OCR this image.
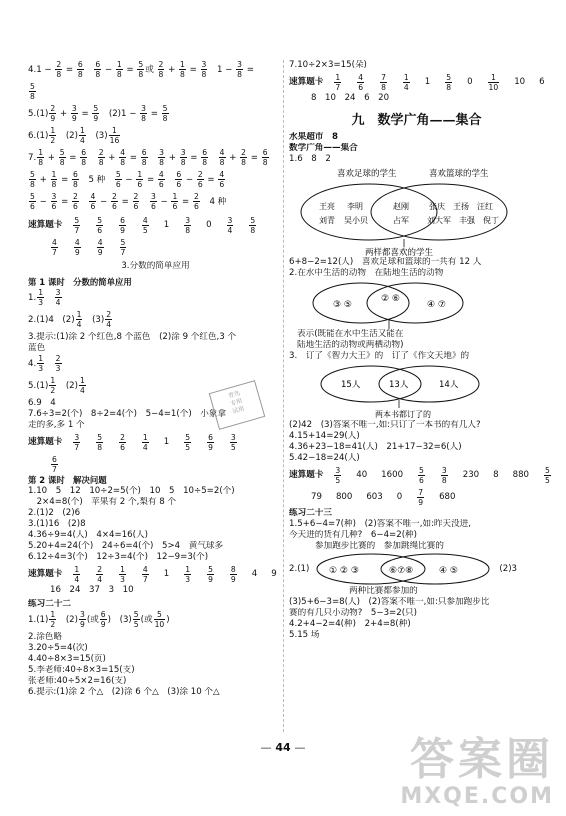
$4.1 - \frac{2}{8} = \frac{6}{8}$
　 $\frac{6}{8} - \frac{1}{8} = \frac{5}{8}$ 或 $\frac{2}{8} + \frac{1}{8} = \frac{3}{8}$ 　$1 - \frac{3}{8}$ =
$\frac{5}{8}$
$5.(1) \frac{2}{9} + \frac{3}{9} = \frac{5}{9}$ 　$(2)1 - \frac{3}{8} = \frac{5}{8}$
$6.(1) \frac{1}{2}$ 　$(2) \frac{1}{4}$ 　$(3) \frac{1}{16}$
7. $\frac{1}{8} + \frac{5}{8} = \frac{6}{8}$
　 $\frac{2}{8} + \frac{4}{8} = \frac{6}{8}$
　 $\frac{3}{8} + \frac{3}{8} = \frac{6}{8}$
　 $\frac{4}{8} + \frac{2}{8} = \frac{6}{8}$
$\frac{5}{8} + \frac{1}{8} = \frac{6}{8}$ 　5 种　 $\frac{5}{6} - \frac{1}{6} = \frac{4}{6}$
　 $\frac{6}{6} - \frac{2}{6} = \frac{4}{6}$
$\frac{5}{6} - \frac{3}{6} = \frac{2}{6}$
　 $\frac{4}{6} - \frac{2}{6} = \frac{2}{6}$
　 $\frac{3}{6} - \frac{1}{6} = \frac{2}{6}$ 　4 种
速算题卡 $\frac{5}{7} \frac{5}{6} \frac{6}{9} \frac{4}{5} 1 \frac{3}{8} 0 \frac{3}{4} \frac{5}{8}$
$\frac{4}{7} \frac{4}{9} \frac{4}{9} \frac{5}{7}$
3.分数的简单应用
第 1 课时　分数的简单应用
1. $\frac{1}{3}$
　 $\frac{3}{4}$
2.(1)4　$(2) \frac{1}{4}$
　 $(3) \frac{2}{4}$
3.提示:(1)涂 2 个红色,8 个蓝色　(2)涂 9 个红色,3 个
蓝色
4. $\frac{1}{3}$
　 $\frac{2}{3}$
$5.(1) \frac{1}{2}$ 　$(2) \frac{1}{4}$
6.9　4
7.6÷3=2(个)　8÷2=4(个)　5−4=1(个)　小象拿
走的多,多 1 个
速算题卡 $\frac{3}{7} \frac{5}{8} \frac{2}{6} \frac{1}{4} 1 \frac{5}{5} \frac{6}{9} \frac{3}{5}$
$\frac{6}{7}$
第 2 课时　解决问题
1.10　5　12　10÷2=5(个)　10　5　10÷5=2(个)
　2×4=8(个)　苹果有 2 个,梨有 8 个
2.(1)2　(2)6
3.(1)16　(2)8
4.36÷9=4(人)　4×4=16(人)
5.20+4=24(个)　24÷6=4(个)　5>4　黄气球多
6.12÷4=3(个)　12÷3=4(个)　12−9=3(个)
速算题卡 $\frac{1}{4} \frac{2}{4} \frac{1}{3} \frac{4}{7} 1 \frac{1}{3} \frac{5}{9} \frac{8}{9} 4$ 9
16　24　37　3　10
练习二十二
$1.(1) \frac{1}{2}$ 　$(2) \frac{3}{9}$ (或 $\frac{6}{9}$ )　$(3) \frac{5}{5}$ (或 $\frac{5}{10}$ )
2.涂色略
3.20÷5=4(次)
4.40÷8×3=15(页)
5.李老师:40÷8×3=15(支)
张老师:40÷5×2=16(支)
6.提示:(1)涂 2 个△　(2)涂 6 个△　(3)涂 10 个△
7.10÷2×3=15(朵)
速算题卡 $\frac{1}{7} \frac{4}{6} \frac{7}{8} \frac{1}{4} 1 \frac{5}{8} 0 \frac{1}{10} 10$ 6
8　10　24　6　20
九　数学广角——集合
水果超市　8
数学广角——集合
1.6　8　2
喜欢足球的学生	喜欢篮球的学生
王亮 李明
刘青 吴小贝
赵刚
占军
张庆 王扬 汪红
刘大军 丰强 倪丁
两样都喜欢的学生
6+8−2=12(人)　喜欢足球和篮球的一共有 12 人
2.在水中生活的动物　 在陆地生活的动物
③ ⑤
② ⑥
④ ⑦
表示(既能在水中生活又能在
陆地生活的动物或两栖动物)
3.　 订了《智力大王》的　 订了《作文天地》的
15人	13人	14人
两本书都订了的
(2)42　(3)答案不唯一,如:只订了一本书的有几人?
4.15+14=29(人)
4.36+23−18=41(人)　21+17−32=6(人)
5.42−18=24(人)
速算题卡 $\frac{3}{5} 40$ $1600 \frac{5}{6} \frac{3}{8} 230$ 8 $880 \frac{5}{5}$
79 800 603 $0 \frac{7}{9} 680$
练习二十三
1.5+6−4=7(种)　(2)答案不唯一,如:昨天没进,
今天进的货有几种?　6−4=2(种)
参加跑步比赛的　 参加跳绳比赛的
2.(1) ① ② ③	⑥⑦⑧	④ ⑤	(2)3
两种比赛都参加的
(3)5+6−3=8(人)　(2)答案不唯一,如:只参加跑步比
赛的有几只小动物?　5−3=2(只)
4.2+4−2=4(种)　2+4=8(种)
5.15 场
青鸟
专用
试用
— 44 —	答案圈
MXQE.COM
